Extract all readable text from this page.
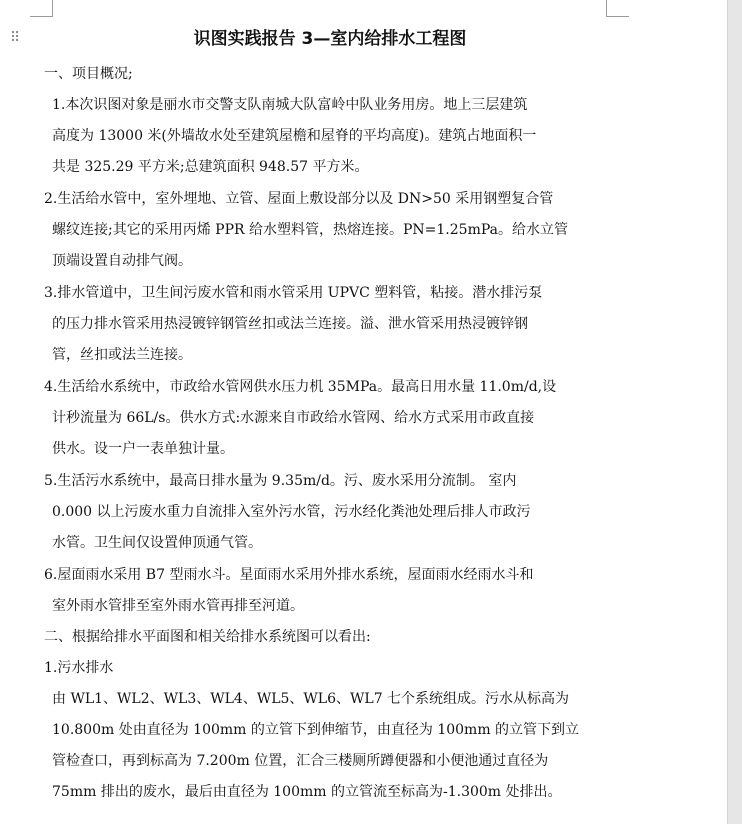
⠿	识图实践报告 3—室内给排水工程图
一、项目概况;
1.本次识图对象是丽水市交警支队南城大队富岭中队业务用房。地上三层建筑
高度为 13000 米(外墙故水处至建筑屋檐和屋脊的平均高度)。建筑占地面积一
共是 325.29 平方米;总建筑面积 948.57 平方米。
2.生活给水管中，室外埋地、立管、屋面上敷设部分以及 DN>50 采用钢塑复合管
螺纹连接;其它的采用丙烯 PPR 给水塑料管，热熔连接。PN=1.25mPa。给水立管
顶端设置自动排气阀。
3.排水管道中，卫生间污废水管和雨水管采用 UPVC 塑料管，粘接。潜水排污泵
的压力排水管采用热浸镀锌钢管丝扣或法兰连接。溢、泄水管采用热浸镀锌钢
管，丝扣或法兰连接。
4.生活给水系统中，市政给水管网供水压力机 35MPa。最高日用水量 11.0m/d,设
计秒流量为 66L/s。供水方式:水源来自市政给水管网、给水方式采用市政直接
供水。设一户一表单独计量。
5.生活污水系统中，最高日排水量为 9.35m/d。污、废水采用分流制。 室内
0.000 以上污废水重力自流排入室外污水管，污水经化粪池处理后排人市政污
水管。卫生间仅设置伸顶通气管。
6.屋面雨水采用 B7 型雨水斗。星面雨水采用外排水系统，屋面雨水经雨水斗和
室外雨水管排至室外雨水管再排至河道。
二、根据给排水平面图和相关给排水系统图可以看出:
1.污水排水
由 WL1、WL2、WL3、WL4、WL5、WL6、WL7 七个系统组成。污水从标高为
10.800m 处由直径为 100mm 的立管下到伸缩节，由直径为 100mm 的立管下到立
管检查口，再到标高为 7.200m 位置，汇合三楼厕所蹲便器和小便池通过直径为
75mm 排出的废水，最后由直径为 100mm 的立管流至标高为-1.300m 处排出。
